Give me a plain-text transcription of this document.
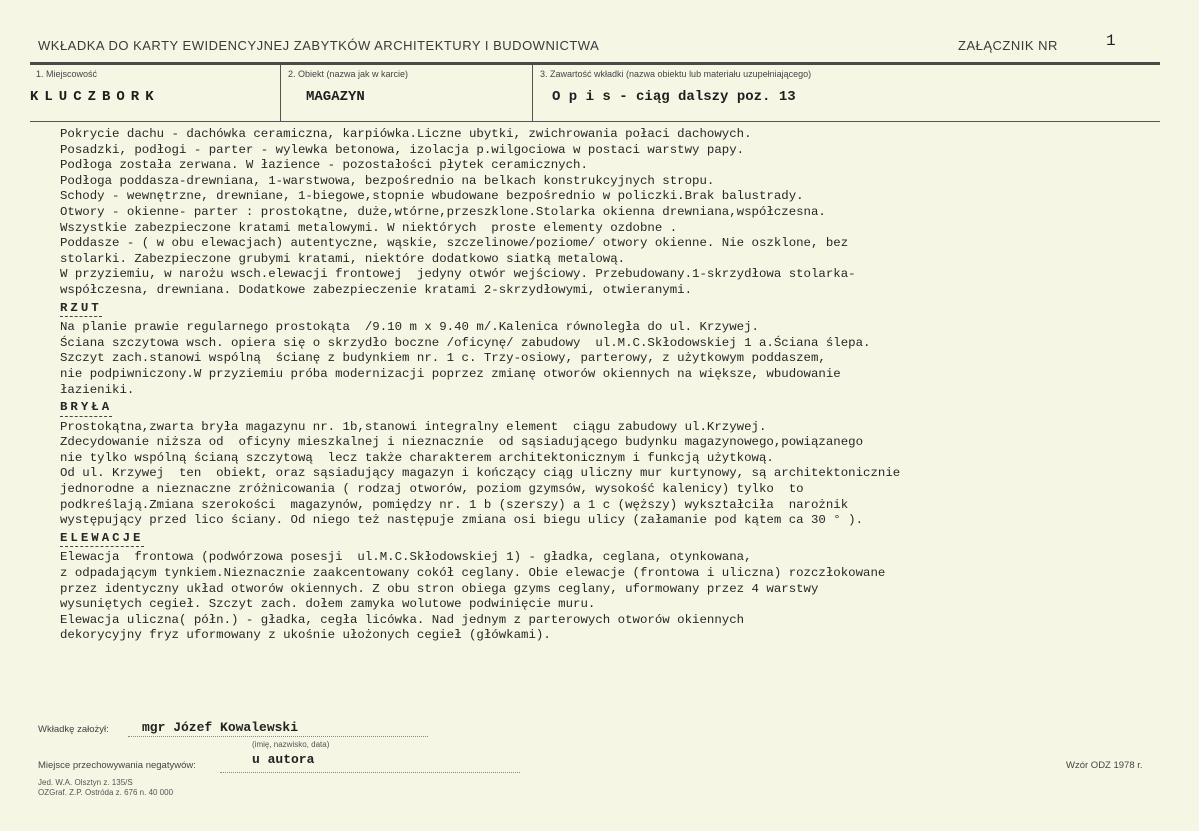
WKŁADKA DO KARTY EWIDENCYJNEJ ZABYTKÓW ARCHITEKTURY I BUDOWNICTWA	ZAŁĄCZNIK NR	1
1. Miejscowość
KLUCZBORK
2. Obiekt (nazwa jak w karcie)
MAGAZYN
3. Zawartość wkładki (nazwa obiektu lub materiału uzupełniającego)
O p i s - ciąg dalszy poz. 13
Pokrycie dachu - dachówka ceramiczna, karpiówka.Liczne ubytki, zwichrowania połaci dachowych.
Posadzki, podłogi - parter - wylewka betonowa, izolacja p.wilgociowa w postaci warstwy papy.
Podłoga została zerwana. W łazience - pozostałości płytek ceramicznych.
Podłoga poddasza-drewniana, 1-warstwowa, bezpośrednio na belkach konstrukcyjnych stropu.
Schody - wewnętrzne, drewniane, 1-biegowe,stopnie wbudowane bezpośrednio w policzki.Brak balustrady.
Otwory - okienne- parter : prostokątne, duże,wtórne,przeszklone.Stolarka okienna drewniana,współczesna.
Wszystkie zabezpieczone kratami metalowymi. W niektórych  proste elementy ozdobne .
Poddasze - ( w obu elewacjach) autentyczne, wąskie, szczelinowe/poziome/ otwory okienne. Nie oszklone, bez
stolarki. Zabezpieczone grubymi kratami, niektóre dodatkowo siatką metalową.
W przyziemiu, w narożu wsch.elewacji frontowej  jedyny otwór wejściowy. Przebudowany.1-skrzydłowa stolarka-
współczesna, drewniana. Dodatkowe zabezpieczenie kratami 2-skrzydłowymi, otwieranymi.
RZUT
Na planie prawie regularnego prostokąta  /9.10 m x 9.40 m/.Kalenica równoległa do ul. Krzywej.
Ściana szczytowa wsch. opiera się o skrzydło boczne /oficynę/ zabudowy  ul.M.C.Skłodowskiej 1 a.Ściana ślepa.
Szczyt zach.stanowi wspólną  ścianę z budynkiem nr. 1 c. Trzy-osiowy, parterowy, z użytkowym poddaszem,
nie podpiwniczony.W przyziemiu próba modernizacji poprzez zmianę otworów okiennych na większe, wbudowanie
łazieniki.
BRYŁA
Prostokątna,zwarta bryła magazynu nr. 1b,stanowi integralny element  ciągu zabudowy ul.Krzywej.
Zdecydowanie niższa od  oficyny mieszkalnej i nieznacznie  od sąsiadującego budynku magazynowego,powiązanego
nie tylko wspólną ścianą szczytową  lecz także charakterem architektonicznym i funkcją użytkową.
Od ul. Krzywej  ten  obiekt, oraz sąsiadujący magazyn i kończący ciąg uliczny mur kurtynowy, są architektonicznie
jednorodne a nieznaczne zróżnicowania ( rodzaj otworów, poziom gzymsów, wysokość kalenicy) tylko  to
podkreślają.Zmiana szerokości  magazynów, pomiędzy nr. 1 b (szerszy) a 1 c (węższy) wykształciła  narożnik
występujący przed lico ściany. Od niego też następuje zmiana osi biegu ulicy (załamanie pod kątem ca 30 ° ).
ELEWACJE
Elewacja  frontowa (podwórzowa posesji  ul.M.C.Skłodowskiej 1) - gładka, ceglana, otynkowana,
z odpadającym tynkiem.Nieznacznie zaakcentowany cokół ceglany. Obie elewacje (frontowa i uliczna) rozczłokowane
przez identyczny układ otworów okiennych. Z obu stron obiega gzyms ceglany, uformowany przez 4 warstwy
wysuniętych cegieł. Szczyt zach. dołem zamyka wolutowe podwinięcie muru.
Elewacja uliczna( półn.) - gładka, cegła licówka. Nad jednym z parterowych otworów okiennych
dekorycyjny fryz uformowany z ukośnie ułożonych cegieł (główkami).
Wkładkę założył:	mgr Józef Kowalewski
(imię, nazwisko, data)
Miejsce przechowywania negatywów:	u autora	Wzór ODZ 1978 r.
Jed. W.A. Olsztyn z. 135/S
OZGraf. Z.P. Ostróda z. 676 n. 40 000
